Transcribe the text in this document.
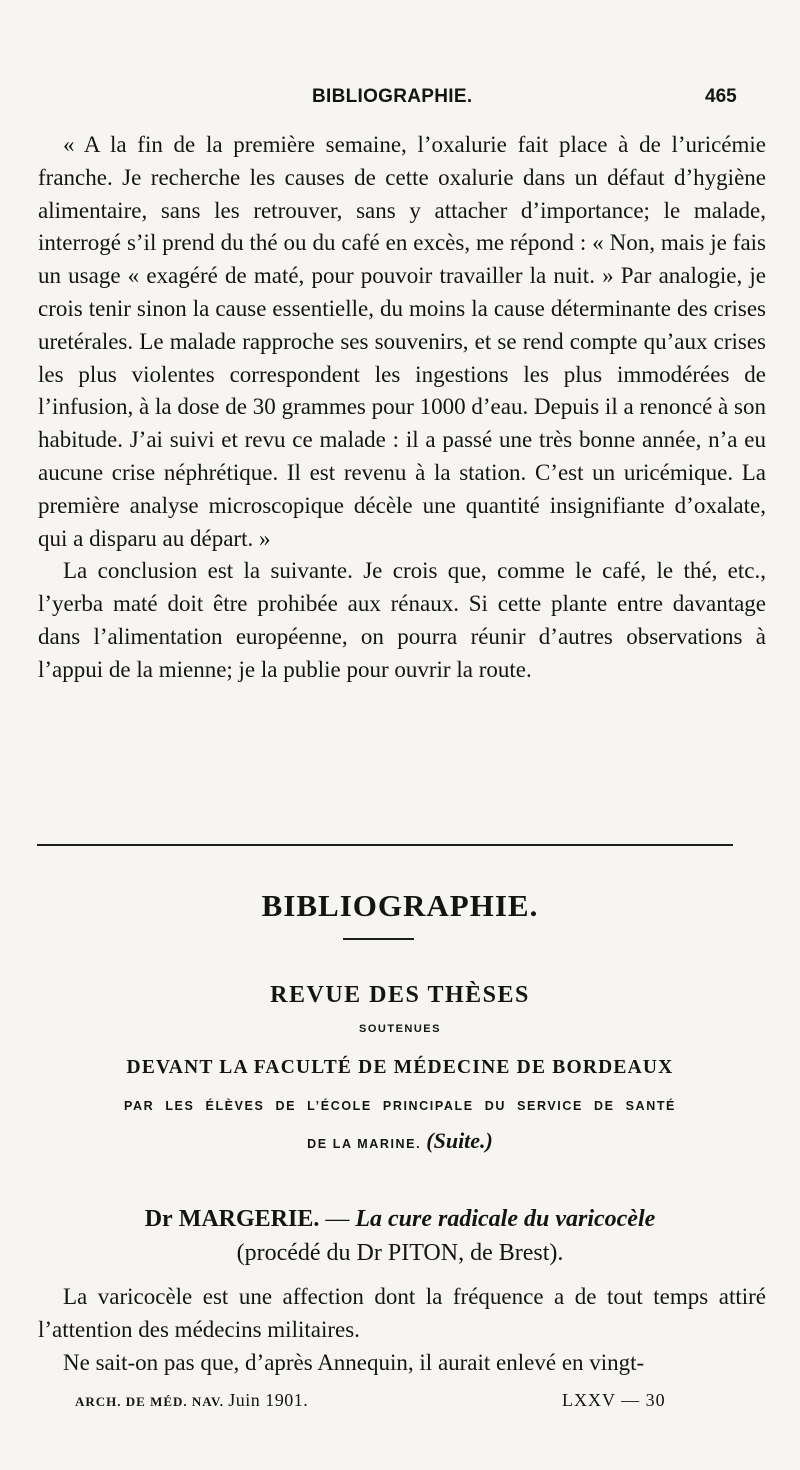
BIBLIOGRAPHIE.	465

« A la fin de la première semaine, l’oxalurie fait place à de l’uricémie franche. Je recherche les causes de cette oxalurie dans un défaut d’hygiène alimentaire, sans les retrouver, sans y attacher d’importance; le malade, interrogé s’il prend du thé ou du café en excès, me répond : « Non, mais je fais un usage « exagéré de maté, pour pouvoir travailler la nuit. » Par analogie, je crois tenir sinon la cause essentielle, du moins la cause déterminante des crises uretérales. Le malade rapproche ses souvenirs, et se rend compte qu’aux crises les plus violentes correspondent les ingestions les plus immodérées de l’infusion, à la dose de 30 grammes pour 1000 d’eau. Depuis il a renoncé à son habitude. J’ai suivi et revu ce malade : il a passé une très bonne année, n’a eu aucune crise néphrétique. Il est revenu à la station. C’est un uricémique. La première analyse microscopique décèle une quantité insignifiante d’oxalate, qui a disparu au départ. »

La conclusion est la suivante. Je crois que, comme le café, le thé, etc., l’yerba maté doit être prohibée aux rénaux. Si cette plante entre davantage dans l’alimentation européenne, on pourra réunir d’autres observations à l’appui de la mienne; je la publie pour ouvrir la route.

BIBLIOGRAPHIE.
REVUE DES THÈSES
SOUTENUES
DEVANT LA FACULTÉ DE MÉDECINE DE BORDEAUX
PAR LES ÉLÈVES DE L’ÉCOLE PRINCIPALE DU SERVICE DE SANTÉ
DE LA MARINE. (Suite.)
Dr MARGERIE. — La cure radicale du varicocèle
(procédé du Dr PITON, de Brest).

La varicocèle est une affection dont la fréquence a de tout temps attiré l’attention des médecins militaires.

Ne sait-on pas que, d’après Annequin, il aurait enlevé en vingt-

ARCH. DE MÉD. NAV. Juin 1901.	LXXV — 30
